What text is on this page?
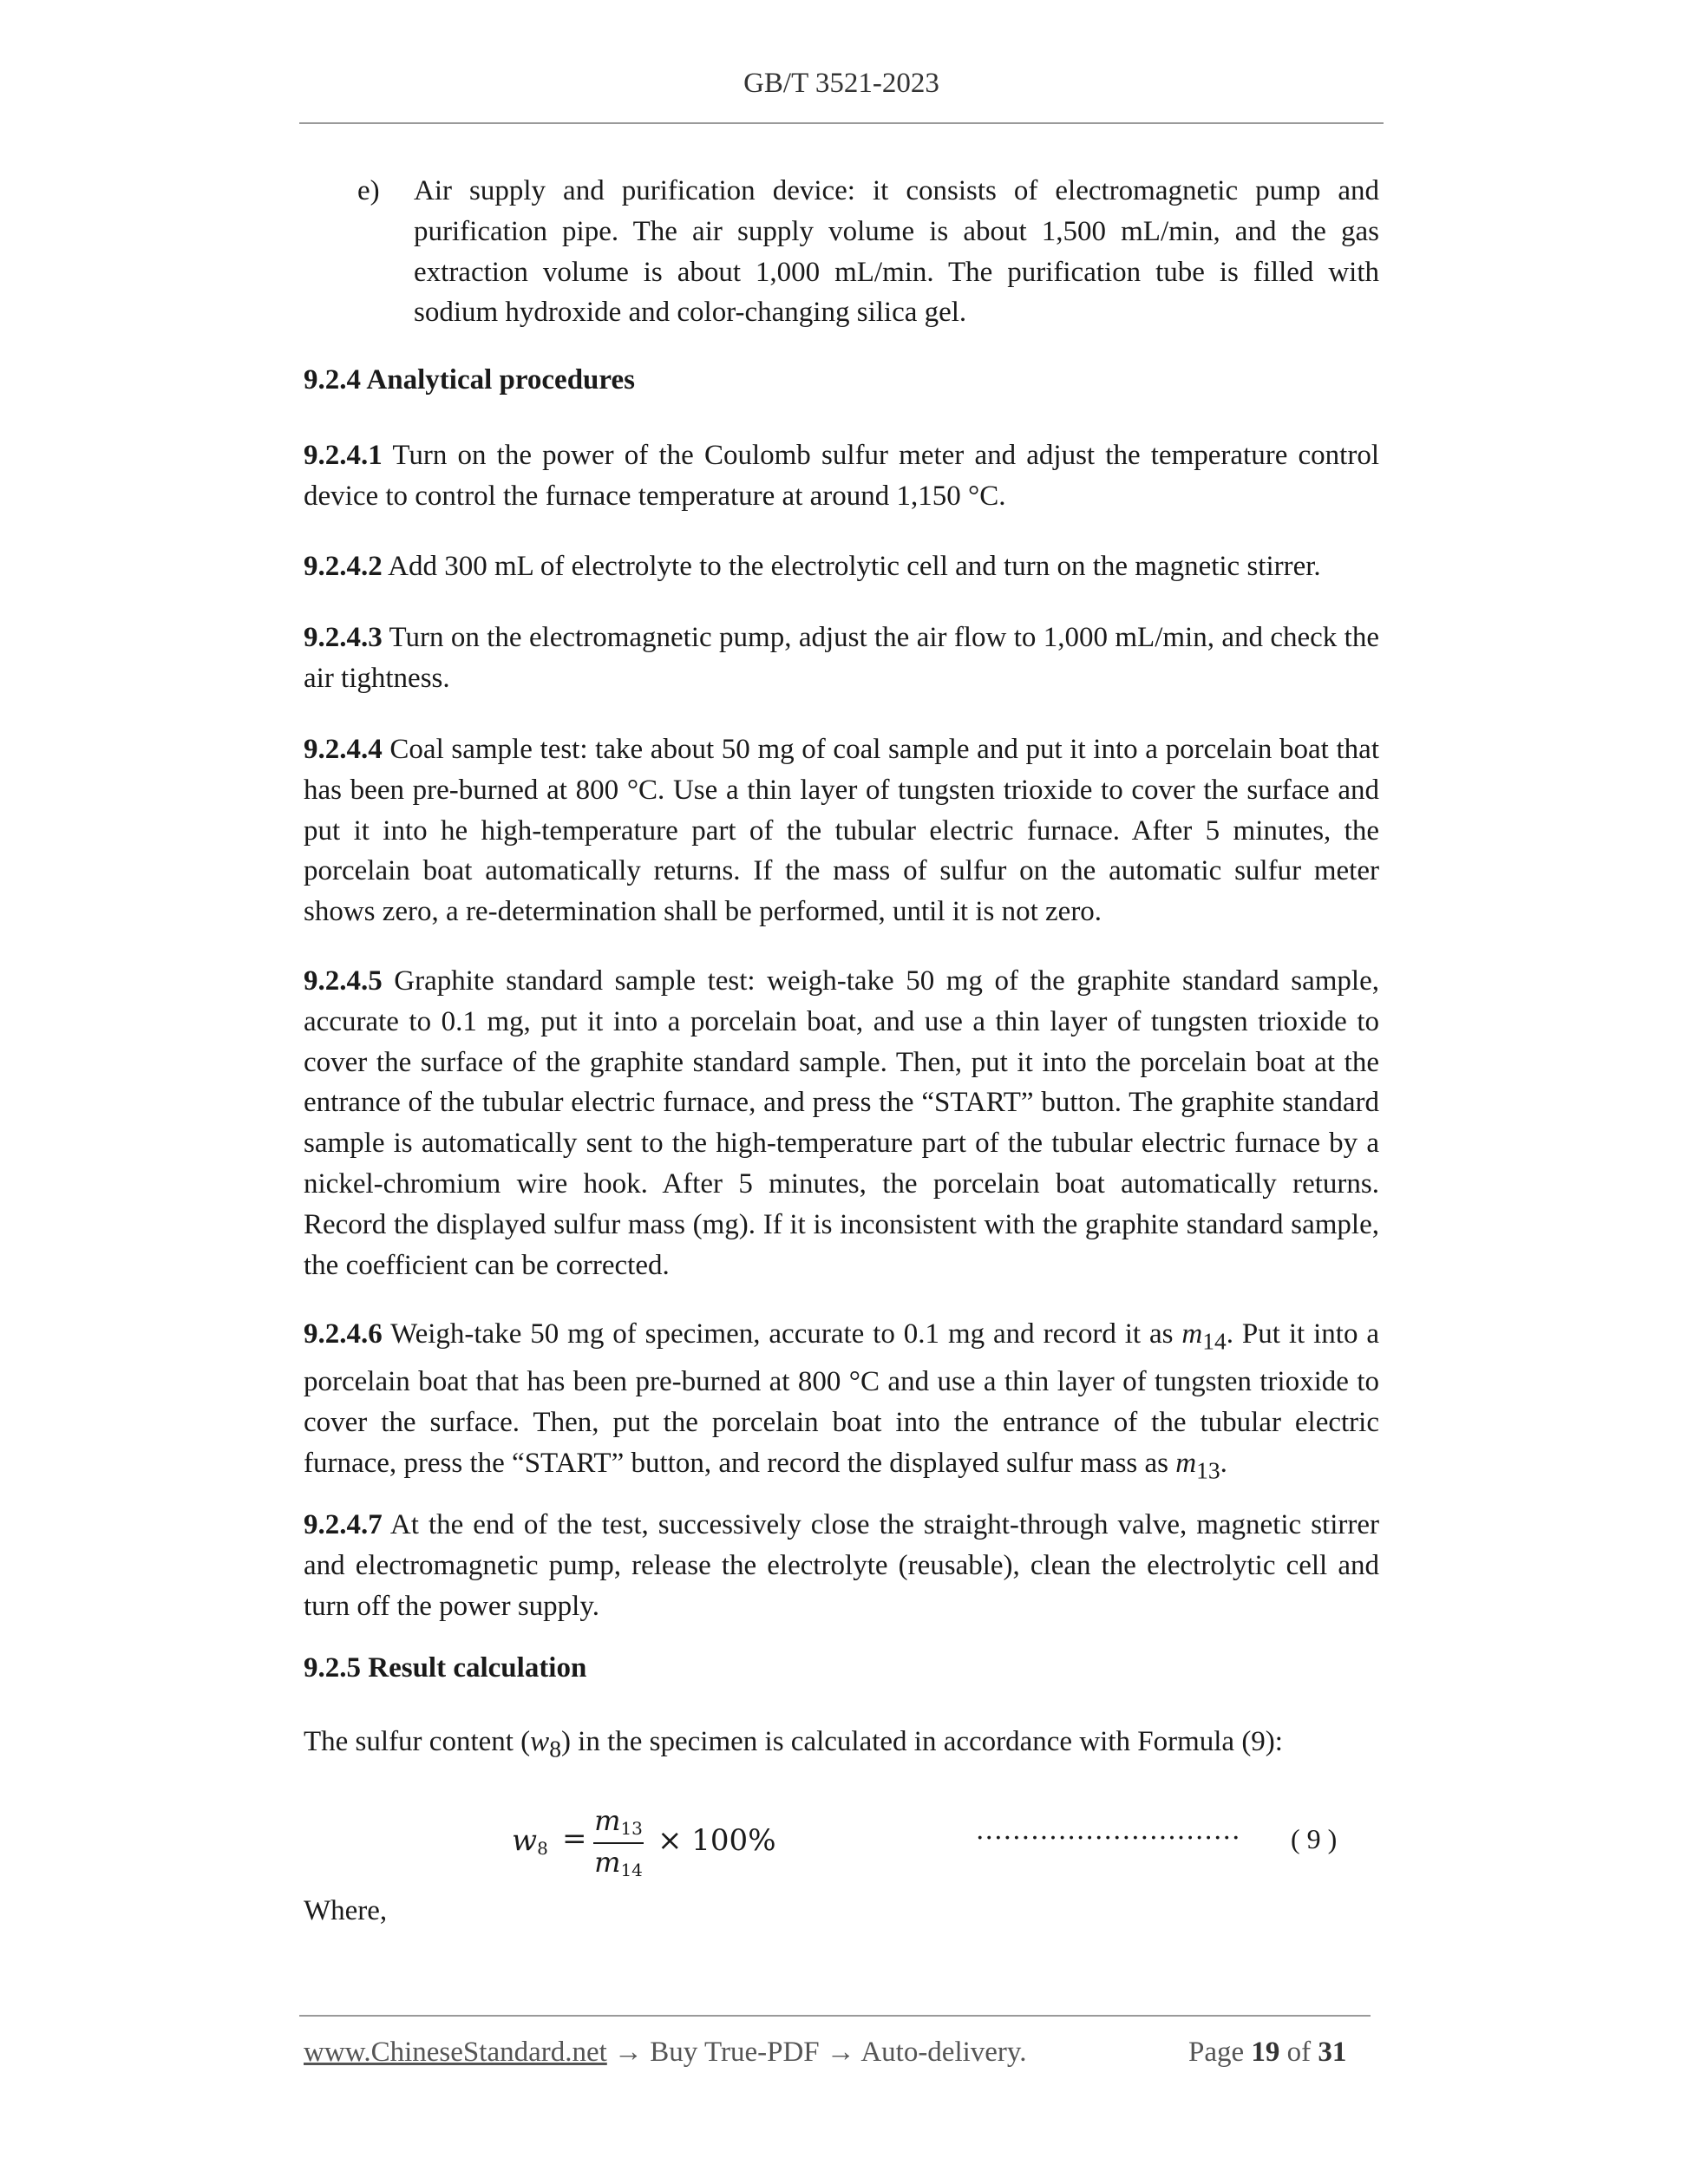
GB/T 3521-2023
e) Air supply and purification device: it consists of electromagnetic pump and purification pipe. The air supply volume is about 1,500 mL/min, and the gas extraction volume is about 1,000 mL/min. The purification tube is filled with sodium hydroxide and color-changing silica gel.
9.2.4 Analytical procedures
9.2.4.1 Turn on the power of the Coulomb sulfur meter and adjust the temperature control device to control the furnace temperature at around 1,150 °C.
9.2.4.2 Add 300 mL of electrolyte to the electrolytic cell and turn on the magnetic stirrer.
9.2.4.3 Turn on the electromagnetic pump, adjust the air flow to 1,000 mL/min, and check the air tightness.
9.2.4.4 Coal sample test: take about 50 mg of coal sample and put it into a porcelain boat that has been pre-burned at 800 °C. Use a thin layer of tungsten trioxide to cover the surface and put it into he high-temperature part of the tubular electric furnace. After 5 minutes, the porcelain boat automatically returns. If the mass of sulfur on the automatic sulfur meter shows zero, a re-determination shall be performed, until it is not zero.
9.2.4.5 Graphite standard sample test: weigh-take 50 mg of the graphite standard sample, accurate to 0.1 mg, put it into a porcelain boat, and use a thin layer of tungsten trioxide to cover the surface of the graphite standard sample. Then, put it into the porcelain boat at the entrance of the tubular electric furnace, and press the “START” button. The graphite standard sample is automatically sent to the high-temperature part of the tubular electric furnace by a nickel-chromium wire hook. After 5 minutes, the porcelain boat automatically returns. Record the displayed sulfur mass (mg). If it is inconsistent with the graphite standard sample, the coefficient can be corrected.
9.2.4.6 Weigh-take 50 mg of specimen, accurate to 0.1 mg and record it as $m_{14}$. Put it into a porcelain boat that has been pre-burned at 800 °C and use a thin layer of tungsten trioxide to cover the surface. Then, put the porcelain boat into the entrance of the tubular electric furnace, press the “START” button, and record the displayed sulfur mass as $m_{13}$.
9.2.4.7 At the end of the test, successively close the straight-through valve, magnetic stirrer and electromagnetic pump, release the electrolyte (reusable), clean the electrolytic cell and turn off the power supply.
9.2.5 Result calculation
The sulfur content $(w_8)$ in the specimen is calculated in accordance with Formula (9):
$w_8$ =
$m_{13}$
$m_{14}$
× 100%	····························· ( 9 )
Where,
www.ChineseStandard.net → Buy True-PDF → Auto-delivery.	Page 19 of 31
